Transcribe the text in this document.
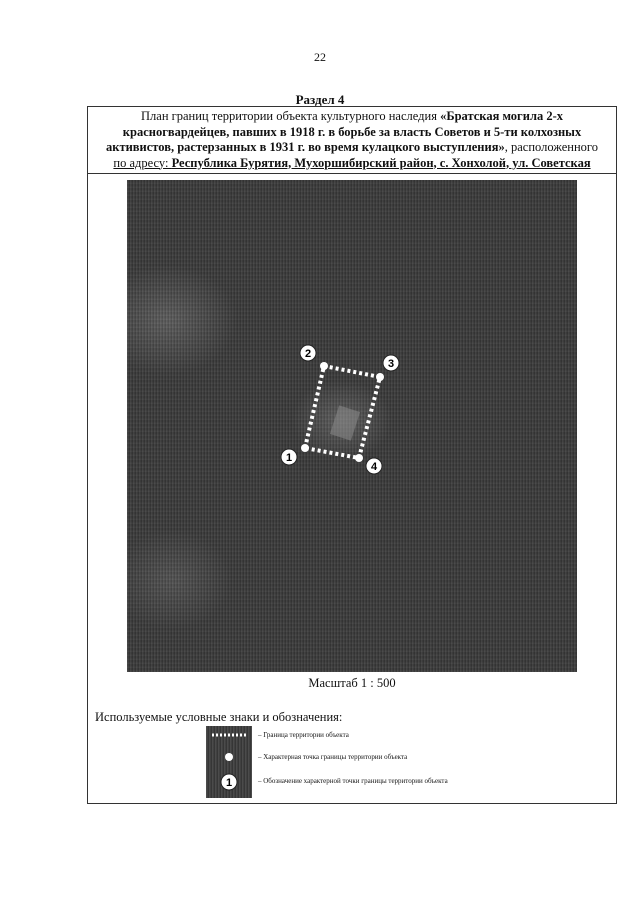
22
Раздел 4
План границ территории объекта культурного наследия «Братская могила 2-х
красногвардейцев, павших в 1918 г. в борьбе за власть Советов и 5-ти колхозных
активистов, растерзанных в 1931 г. во время кулацкого выступления», расположенного
по адресу: Республика Бурятия, Мухоршибирский район, с. Хонхолой, ул. Советская
1
2
3
4
Масштаб 1 : 500
Используемые условные знаки и обозначения:
1
– Граница территории объекта
– Характерная точка границы территории объекта
– Обозначение характерной точки границы территории объекта
